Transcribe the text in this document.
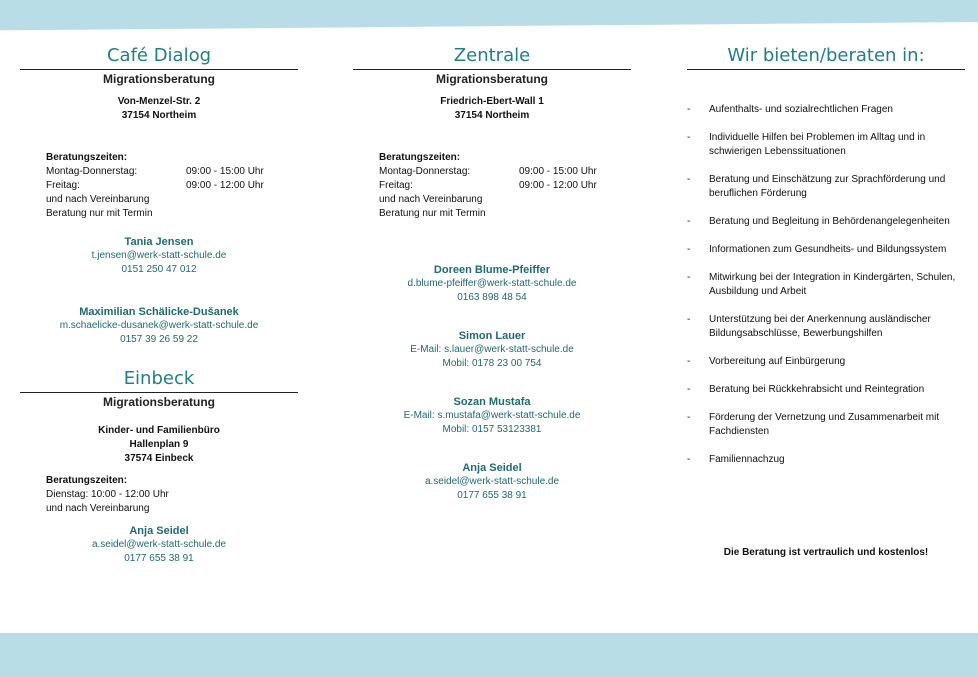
Café Dialog
Migrationsberatung
Von-Menzel-Str. 2
37154 Northeim
Beratungszeiten:
Montag-Donnerstag:	09:00 - 15:00 Uhr
Freitag:	09:00 - 12:00 Uhr
und nach Vereinbarung
Beratung nur mit Termin
Tania Jensen
t.jensen@werk-statt-schule.de
0151 250 47 012
Maximilian Schälicke-Dušanek
m.schaelicke-dusanek@werk-statt-schule.de
0157 39 26 59 22
Einbeck
Migrationsberatung
Kinder- und Familienbüro
Hallenplan 9
37574 Einbeck
Beratungszeiten:
Dienstag: 10:00 - 12:00 Uhr
und nach Vereinbarung
Anja Seidel
a.seidel@werk-statt-schule.de
0177 655 38 91
Zentrale
Migrationsberatung
Friedrich-Ebert-Wall 1
37154 Northeim
Beratungszeiten:
Montag-Donnerstag:	09:00 - 15:00 Uhr
Freitag:	09:00 - 12:00 Uhr
und nach Vereinbarung
Beratung nur mit Termin
Doreen Blume-Pfeiffer
d.blume-pfeiffer@werk-statt-schule.de
0163 898 48 54
Simon Lauer
E-Mail: s.lauer@werk-statt-schule.de
Mobil: 0178 23 00 754
Sozan Mustafa
E-Mail: s.mustafa@werk-statt-schule.de
Mobil: 0157 53123381
Anja Seidel
a.seidel@werk-statt-schule.de
0177 655 38 91
Wir bieten/beraten in:
- Aufenthalts- und sozialrechtlichen Fragen
- Individuelle Hilfen bei Problemen im Alltag und in schwierigen Lebenssituationen
- Beratung und Einschätzung zur Sprachförderung und beruflichen Förderung
- Beratung und Begleitung in Behördenangelegenheiten
- Informationen zum Gesundheits- und Bildungssystem
- Mitwirkung bei der Integration in Kindergärten, Schulen, Ausbildung und Arbeit
- Unterstützung bei der Anerkennung ausländischer Bildungsabschlüsse, Bewerbungshilfen
- Vorbereitung auf Einbürgerung
- Beratung bei Rückkehrabsicht und Reintegration
- Förderung der Vernetzung und Zusammenarbeit mit Fachdiensten
- Familiennachzug
Die Beratung ist vertraulich und kostenlos!
